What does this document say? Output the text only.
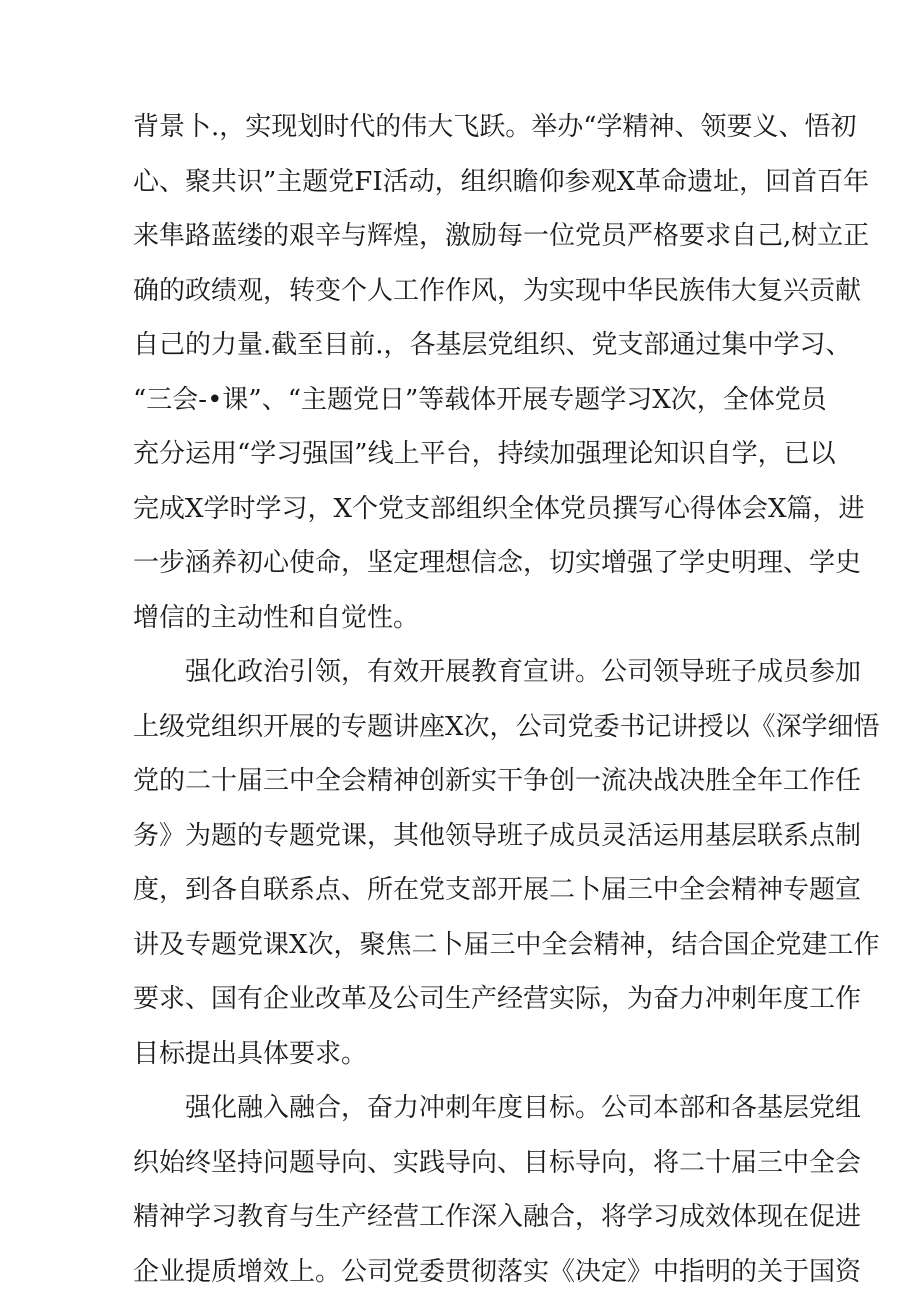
背景卜.，实现划时代的伟大飞跃。举办“学精神、领要义、悟初
心、聚共识”主题党FI活动，组织瞻仰参观X革命遗址，回首百年
来隼路蓝缕的艰辛与辉煌，激励每一位党员严格要求自己,树立正
确的政绩观，转变个人工作作风，为实现中华民族伟大复兴贡献
自己的力量.截至目前.，各基层党组织、党支部通过集中学习、
“三会-•课”、“主题党日”等载体开展专题学习X次，全体党员
充分运用“学习强国”线上平台，持续加强理论知识自学，已以
完成X学时学习，X个党支部组织全体党员撰写心得体会X篇，进
一步涵养初心使命，坚定理想信念，切实增强了学史明理、学史
增信的主动性和自觉性。
强化政治引领，有效开展教育宣讲。公司领导班子成员参加
上级党组织开展的专题讲座X次，公司党委书记讲授以《深学细悟
党的二十届三中全会精神创新实干争创一流决战决胜全年工作任
务》为题的专题党课，其他领导班子成员灵活运用基层联系点制
度，到各自联系点、所在党支部开展二卜届三中全会精神专题宣
讲及专题党课X次，聚焦二卜届三中全会精神，结合国企党建工作
要求、国有企业改革及公司生产经营实际，为奋力冲刺年度工作
目标提出具体要求。
强化融入融合，奋力冲刺年度目标。公司本部和各基层党组
织始终坚持问题导向、实践导向、目标导向，将二十届三中全会
精神学习教育与生产经营工作深入融合，将学习成效体现在促进
企业提质增效上。公司党委贯彻落实《决定》中指明的关于国资
